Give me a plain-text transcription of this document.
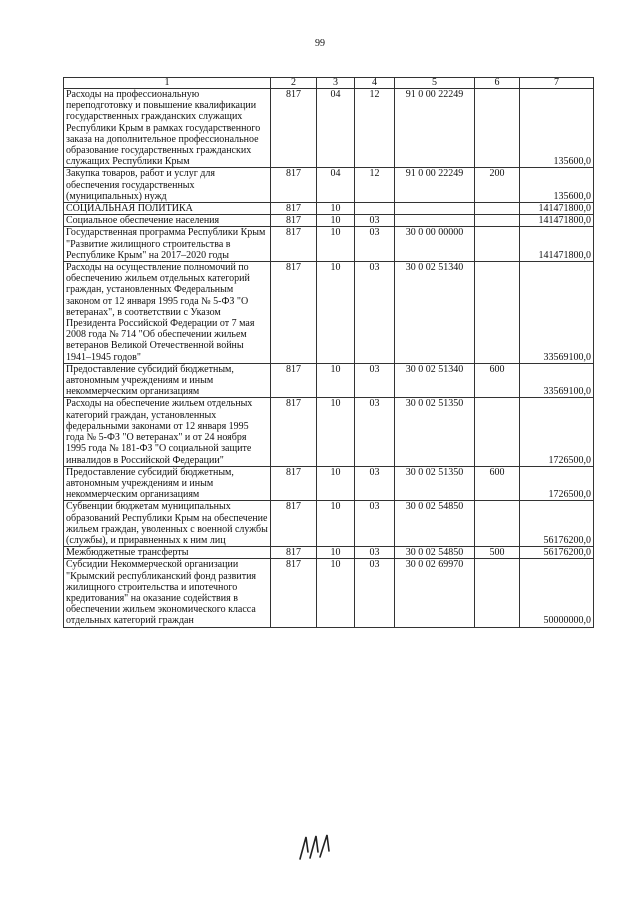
99
1	2	3	4	5	6	7
Расходы на профессиональную переподготовку и повышение квалификации государственных гражданских служащих Республики Крым в рамках государственного заказа на дополнительное профессиональное образование государственных гражданских служащих Республики Крым	817	04	12	91 0 00 22249		135600,0
Закупка товаров, работ и услуг для обеспечения государственных (муниципальных) нужд	817	04	12	91 0 00 22249	200	135600,0
СОЦИАЛЬНАЯ ПОЛИТИКА	817	10				141471800,0
Социальное обеспечение населения	817	10	03			141471800,0
Государственная программа Республики Крым "Развитие жилищного строительства в Республике Крым" на 2017–2020 годы	817	10	03	30 0 00 00000		141471800,0
Расходы на осуществление полномочий по обеспечению жильем отдельных категорий граждан, установленных Федеральным законом от 12 января 1995 года № 5-ФЗ "О ветеранах", в соответствии с Указом Президента Российской Федерации от 7 мая 2008 года № 714 "Об обеспечении жильем ветеранов Великой Отечественной войны 1941–1945 годов"	817	10	03	30 0 02 51340		33569100,0
Предоставление субсидий бюджетным, автономным учреждениям и иным некоммерческим организациям	817	10	03	30 0 02 51340	600	33569100,0
Расходы на обеспечение жильем отдельных категорий граждан, установленных федеральными законами от 12 января 1995 года № 5-ФЗ "О ветеранах" и от 24 ноября 1995 года № 181-ФЗ "О социальной защите инвалидов в Российской Федерации"	817	10	03	30 0 02 51350		1726500,0
Предоставление субсидий бюджетным, автономным учреждениям и иным некоммерческим организациям	817	10	03	30 0 02 51350	600	1726500,0
Субвенции бюджетам муниципальных образований Республики Крым на обеспечение жильем граждан, уволенных с военной службы (службы), и приравненных к ним лиц	817	10	03	30 0 02 54850		56176200,0
Межбюджетные трансферты	817	10	03	30 0 02 54850	500	56176200,0
Субсидии Некоммерческой организации "Крымский республиканский фонд развития жилищного строительства и ипотечного кредитования" на оказание содействия в обеспечении жильем экономического класса отдельных категорий граждан	817	10	03	30 0 02 69970		50000000,0
